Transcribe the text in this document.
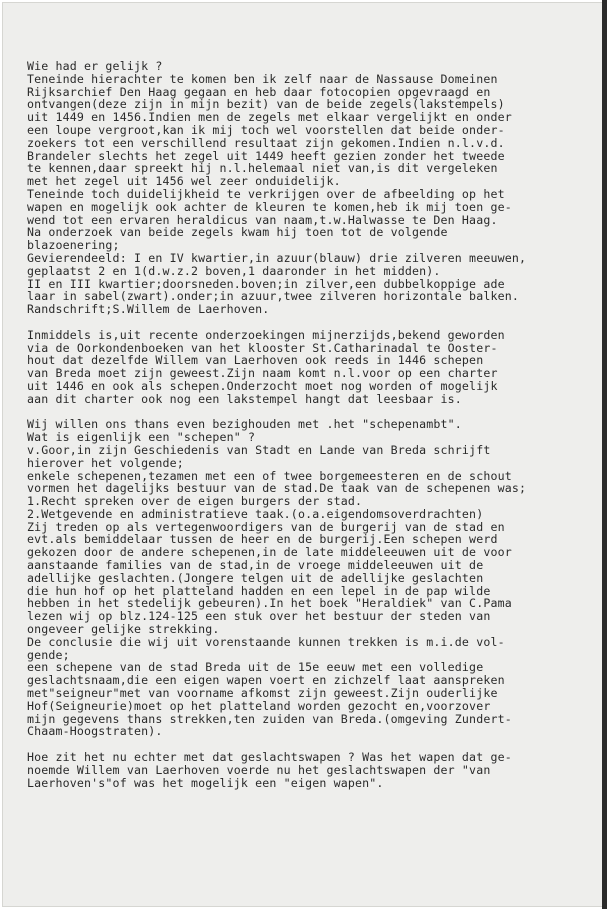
Wie had er gelijk ?
Teneinde hierachter te komen ben ik zelf naar de Nassause Domeinen
Rijksarchief Den Haag gegaan en heb daar fotocopien opgevraagd en
ontvangen(deze zijn in mijn bezit) van de beide zegels(lakstempels)
uit 1449 en 1456.Indien men de zegels met elkaar vergelijkt en onder
een loupe vergroot,kan ik mij toch wel voorstellen dat beide onder-
zoekers tot een verschillend resultaat zijn gekomen.Indien n.l.v.d.
Brandeler slechts het zegel uit 1449 heeft gezien zonder het tweede
te kennen,daar spreekt hij n.l.helemaal niet van,is dit vergeleken
met het zegel uit 1456 wel zeer onduidelijk.
Teneinde toch duidelijkheid te verkrijgen over de afbeelding op het
wapen en mogelijk ook achter de kleuren te komen,heb ik mij toen ge-
wend tot een ervaren heraldicus van naam,t.w.Halwasse te Den Haag.
Na onderzoek van beide zegels kwam hij toen tot de volgende
blazoenering;
Gevierendeeld: I en IV kwartier,in azuur(blauw) drie zilveren meeuwen,
geplaatst 2 en 1(d.w.z.2 boven,1 daaronder in het midden).
II en III kwartier;doorsneden.boven;in zilver,een dubbelkoppige ade
laar in sabel(zwart).onder;in azuur,twee zilveren horizontale balken.
Randschrift;S.Willem de Laerhoven.
Inmiddels is,uit recente onderzoekingen mijnerzijds,bekend geworden
via de Oorkondenboeken van het klooster St.Catharinadal te Ooster-
hout dat dezelfde Willem van Laerhoven ook reeds in 1446 schepen
van Breda moet zijn geweest.Zijn naam komt n.l.voor op een charter
uit 1446 en ook als schepen.Onderzocht moet nog worden of mogelijk
aan dit charter ook nog een lakstempel hangt dat leesbaar is.
Wij willen ons thans even bezighouden met .het "schepenambt".
Wat is eigenlijk een "schepen" ?
v.Goor,in zijn Geschiedenis van Stadt en Lande van Breda schrijft
hierover het volgende;
enkele schepenen,tezamen met een of twee borgemeesteren en de schout
vormen het dagelijks bestuur van de stad.De taak van de schepenen was;
1.Recht spreken over de eigen burgers der stad.
2.Wetgevende en administratieve taak.(o.a.eigendomsoverdrachten)
Zij treden op als vertegenwoordigers van de burgerij van de stad en
evt.als bemiddelaar tussen de heer en de burgerij.Een schepen werd
gekozen door de andere schepenen,in de late middeleeuwen uit de voor
aanstaande families van de stad,in de vroege middeleeuwen uit de
adellijke geslachten.(Jongere telgen uit de adellijke geslachten
die hun hof op het platteland hadden en een lepel in de pap wilde
hebben in het stedelijk gebeuren).In het boek "Heraldiek" van C.Pama
lezen wij op blz.124-125 een stuk over het bestuur der steden van
ongeveer gelijke strekking.
De conclusie die wij uit vorenstaande kunnen trekken is m.i.de vol-
gende;
een schepene van de stad Breda uit de 15e eeuw met een volledige
geslachtsnaam,die een eigen wapen voert en zichzelf laat aanspreken
met"seigneur"met van voorname afkomst zijn geweest.Zijn ouderlijke
Hof(Seigneurie)moet op het platteland worden gezocht en,voorzover
mijn gegevens thans strekken,ten zuiden van Breda.(omgeving Zundert-
Chaam-Hoogstraten).
Hoe zit het nu echter met dat geslachtswapen ? Was het wapen dat ge-
noemde Willem van Laerhoven voerde nu het geslachtswapen der "van
Laerhoven's"of was het mogelijk een "eigen wapen".
